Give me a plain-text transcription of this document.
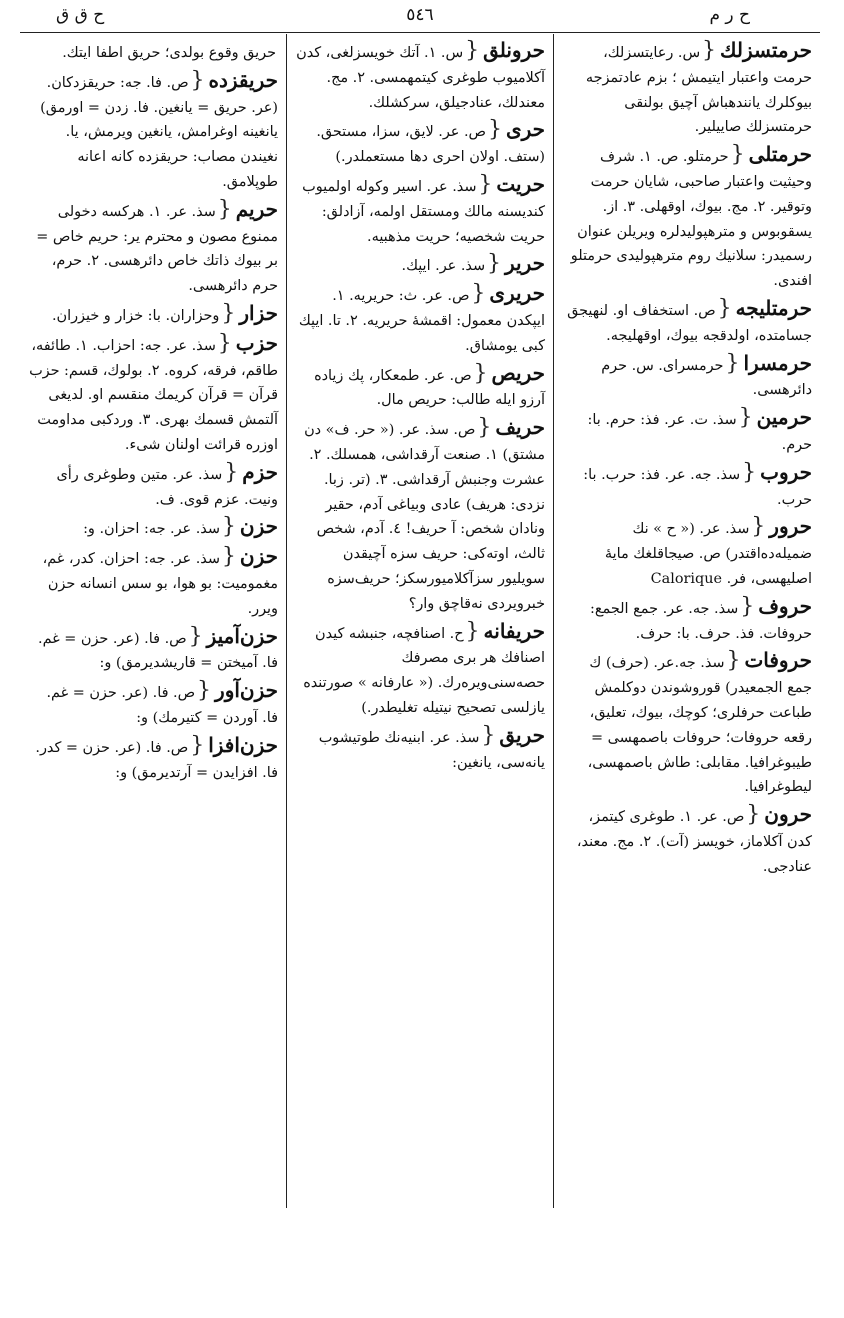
ح ق ق	٥٤٦	ح ر م
حرمتسزلك{س. رعايتسزلك، حرمت واعتبار ايتيمش ؛ بزم عادتمزجه بيوكلرك يانندهباش آچيق بولنقى حرمتسزلك صاييلير.
حرمتلى{حرمتلو. ص. ١. شرف وحيثيت واعتبار صاحبى، شايان حرمت وتوقير. ٢. مج. بيوك، اوقهلى. ٣. از. يسقوبوس و مترهپوليدلره ويريلن عنوان رسميدر: سلانيك روم مترهپوليدى حرمتلو افندى.
حرمتليجه{ص. استخفاف او. لنهيجق جسامتده، اولدقجه بيوك، اوقهليجه.
حرمسرا{حرمسراى. س. حرم دائرهسى.
حرمين{سذ. ت. عر. فذ: حرم. با: حرم.
حروب{سذ. جه. عر. فذ: حرب. با: حرب.
حرور{سذ. عر. (« ح » نك ضميله‌ده‌اقتدر) ص. صيجاقلغك مايهٔ اصليهسى، فر. Calorique
حروف{سذ. جه. عر. جمع الجمع: حروفات. فذ. حرف. با: حرف.
حروفات{سذ. جه.عر. (حرف) ك جمع الجمعيدر) قوروشوندن دوكلمش طباعت حرفلرى؛ كوچك، بيوك، تعليق، رقعه حروفات؛ حروفات باصمهسى = طيبوغرافيا. مقابلى: طاش باصمهسى، ليطوغرافيا.
حرون{ص. عر. ١. طوغرى كيتمز، كدن آكلاماز، خويسز (آت). ٢. مج. معند، عنادجى.
حرونلق{س. ١. آتك خويسزلغى، كدن آكلاميوب طوغرى كيتمهمسى. ٢. مج. معندلك، عنادجيلق، سركشلك.
حرى{ص. عر. لايق، سزا، مستحق. (ستف. اولان احرى دها مستعملدر.)
حريت{سذ. عر. اسير وكوله اولميوب كنديسنه مالك ومستقل اولمه، آزادلق: حريت شخصيه؛ حريت مذهبيه.
حرير{سذ. عر. ايپك.
حريرى{ص. عر. ث: حريريه. ١. ايپكدن معمول: اقمشهٔ حريريه. ٢. تا. ايپك كبى يومشاق.
حريص{ص. عر. طمعكار، پك زياده آرزو ايله طالب: حريص مال.
حريف{ص. سذ. عر. (« حر. ف» دن مشتق) ١. صنعت آرقداشى، همسلك. ٢. عشرت وجنبش آرقداشى. ٣. (تر. زبا. نزدى: هريف) عادى وبياغى آدم، حقير ونادان شخص: آ حريف! ٤. آدم، شخص ثالث، اوته‌كى: حريف سزه آچيقدن سويليور سزآكلاميورسكز؛ حريف‌سزه خبرويردى نه‌قاچق وار؟
حريفانه{ح. اصنافچه، جنبشه كيدن اصنافك هر برى مصرفك حصه‌سنى‌ويره‌رك. (« عارفانه » صورتنده يازلسى تصحيح نيتيله تغليطدر.)
حريق{سذ. عر. ابنيه‌نك طوتيشوب يانه‌سى، يانغين:
حريق وقوع بولدى؛ حريق اطفا ايتك.
حريقزده{ص. فا. جه: حريقزدكان. (عر. حريق = يانغين. فا. زدن = اورمق) يانغينه اوغرامش، يانغين ويرمش، يا. نغيندن مصاب: حريقزده كانه اعانه طوپلامق.
حريم{سذ. عر. ١. هركسه دخولى ممنوع مصون و محترم ير: حريم خاص = بر بيوك ذاتك خاص دائرهسى. ٢. حرم، حرم دائرهسى.
حزار{وحزاران. با: خزار و خيزران.
حزب{سذ. عر. جه: احزاب. ١. طائفه، طاقم، فرقه، كروه. ٢. بولوك، قسم: حزب قرآن = قرآن كريمك منقسم او. لديغى آلتمش قسمك بهرى. ٣. وردكبى مداومت اوزره قرائت اولنان شىء.
حزم{سذ. عر. متين وطوغرى رأى ونيت. عزم قوى. ف.
حزن{سذ. عر. جه: احزان. و:
حزن{سذ. عر. جه: احزان. كدر، غم، مغموميت: بو هوا، بو سس انسانه حزن ويرر.
حزن‌آميز{ص. فا. (عر. حزن = غم. فا. آميختن = قاريشديرمق) و:
حزن‌آور{ص. فا. (عر. حزن = غم. فا. آوردن = كتيرمك) و:
حزن‌افزا{ص. فا. (عر. حزن = كدر. فا. افزايدن = آرتديرمق) و:
